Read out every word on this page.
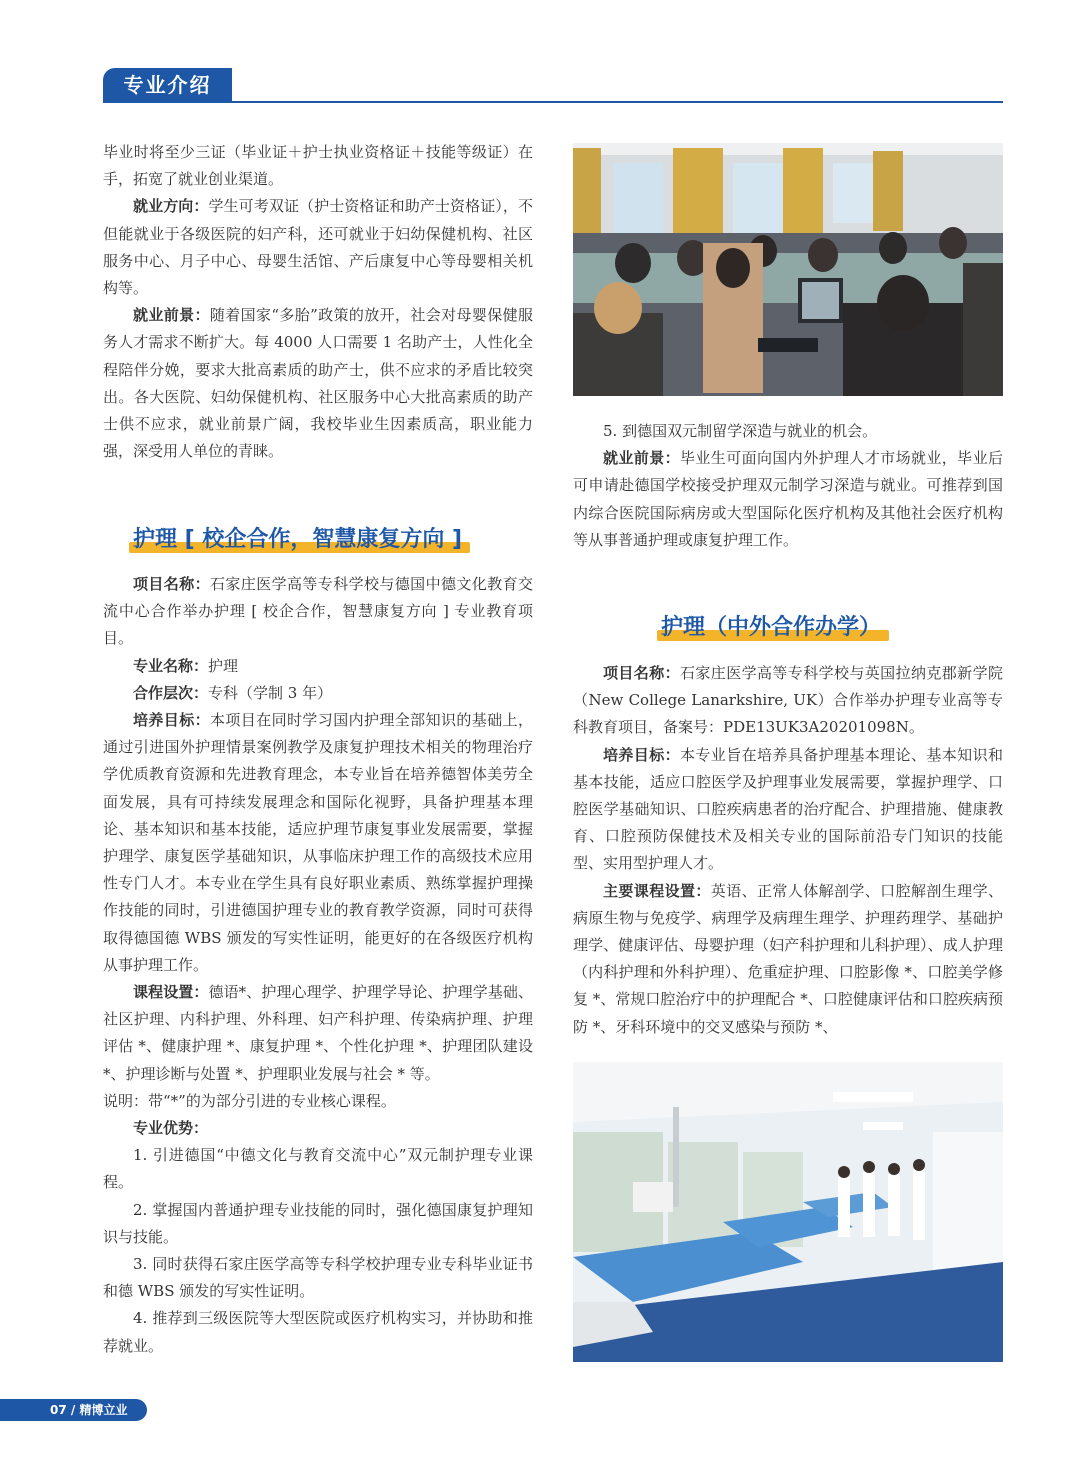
专业介绍

毕业时将至少三证（毕业证＋护士执业资格证＋技能等级证）在手，拓宽了就业创业渠道。

就业方向：学生可考双证（护士资格证和助产士资格证），不但能就业于各级医院的妇产科，还可就业于妇幼保健机构、社区服务中心、月子中心、母婴生活馆、产后康复中心等母婴相关机构等。

就业前景：随着国家“多胎”政策的放开，社会对母婴保健服务人才需求不断扩大。每 4000 人口需要 1 名助产士，人性化全程陪伴分娩，要求大批高素质的助产士，供不应求的矛盾比较突出。各大医院、妇幼保健机构、社区服务中心大批高素质的助产士供不应求，就业前景广阔，我校毕业生因素质高，职业能力强，深受用人单位的青睐。

护理 [ 校企合作，智慧康复方向 ]

项目名称：石家庄医学高等专科学校与德国中德文化教育交流中心合作举办护理 [ 校企合作，智慧康复方向 ] 专业教育项目。

专业名称：护理

合作层次：专科（学制 3 年）

培养目标：本项目在同时学习国内护理全部知识的基础上，通过引进国外护理情景案例教学及康复护理技术相关的物理治疗学优质教育资源和先进教育理念，本专业旨在培养德智体美劳全面发展，具有可持续发展理念和国际化视野，具备护理基本理论、基本知识和基本技能，适应护理节康复事业发展需要，掌握护理学、康复医学基础知识，从事临床护理工作的高级技术应用性专门人才。本专业在学生具有良好职业素质、熟练掌握护理操作技能的同时，引进德国护理专业的教育教学资源，同时可获得取得德国德 WBS 颁发的写实性证明，能更好的在各级医疗机构从事护理工作。

课程设置：德语*、护理心理学、护理学导论、护理学基础、社区护理、内科护理、外科理、妇产科护理、传染病护理、护理评估 *、健康护理 *、康复护理 *、个性化护理 *、护理团队建设 *、护理诊断与处置 *、护理职业发展与社会 * 等。

说明：带“*”的为部分引进的专业核心课程。

专业优势：

1. 引进德国“中德文化与教育交流中心”双元制护理专业课程。

2. 掌握国内普通护理专业技能的同时，强化德国康复护理知识与技能。

3. 同时获得石家庄医学高等专科学校护理专业专科毕业证书和德 WBS 颁发的写实性证明。

4. 推荐到三级医院等大型医院或医疗机构实习，并协助和推荐就业。

5. 到德国双元制留学深造与就业的机会。

就业前景：毕业生可面向国内外护理人才市场就业，毕业后可申请赴德国学校接受护理双元制学习深造与就业。可推荐到国内综合医院国际病房或大型国际化医疗机构及其他社会医疗机构等从事普通护理或康复护理工作。

护理（中外合作办学）

项目名称：石家庄医学高等专科学校与英国拉纳克郡新学院（New College Lanarkshire, UK）合作举办护理专业高等专科教育项目，备案号：PDE13UK3A20201098N。

培养目标：本专业旨在培养具备护理基本理论、基本知识和基本技能，适应口腔医学及护理事业发展需要，掌握护理学、口腔医学基础知识、口腔疾病患者的治疗配合、护理措施、健康教育、口腔预防保健技术及相关专业的国际前沿专门知识的技能型、实用型护理人才。

主要课程设置：英语、正常人体解剖学、口腔解剖生理学、病原生物与免疫学、病理学及病理生理学、护理药理学、基础护理学、健康评估、母婴护理（妇产科护理和儿科护理）、成人护理（内科护理和外科护理）、危重症护理、口腔影像 *、口腔美学修复 *、常规口腔治疗中的护理配合 *、口腔健康评估和口腔疾病预防 *、牙科环境中的交叉感染与预防 *、

07 / 精博立业
